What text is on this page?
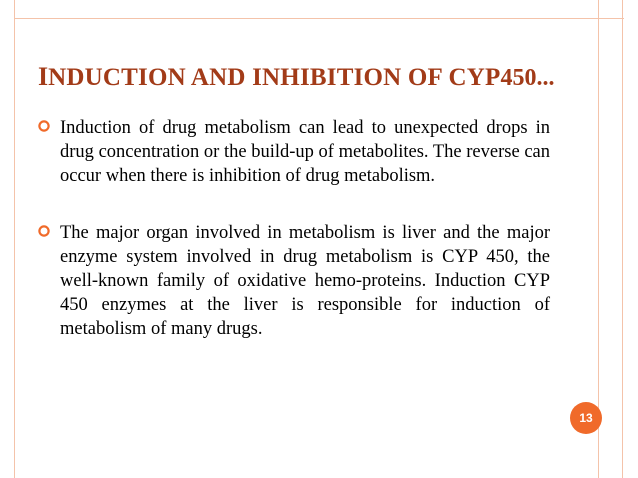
INDUCTION AND INHIBITION OF CYP450...
Induction of drug metabolism can lead to unexpected drops in drug concentration or the build-up of metabolites. The reverse can occur when there is inhibition of drug metabolism.
The major organ involved in metabolism is liver and the major enzyme system involved in drug metabolism is CYP 450, the well-known family of oxidative hemo-proteins. Induction CYP 450 enzymes at the liver is responsible for induction of metabolism of many drugs.
13
